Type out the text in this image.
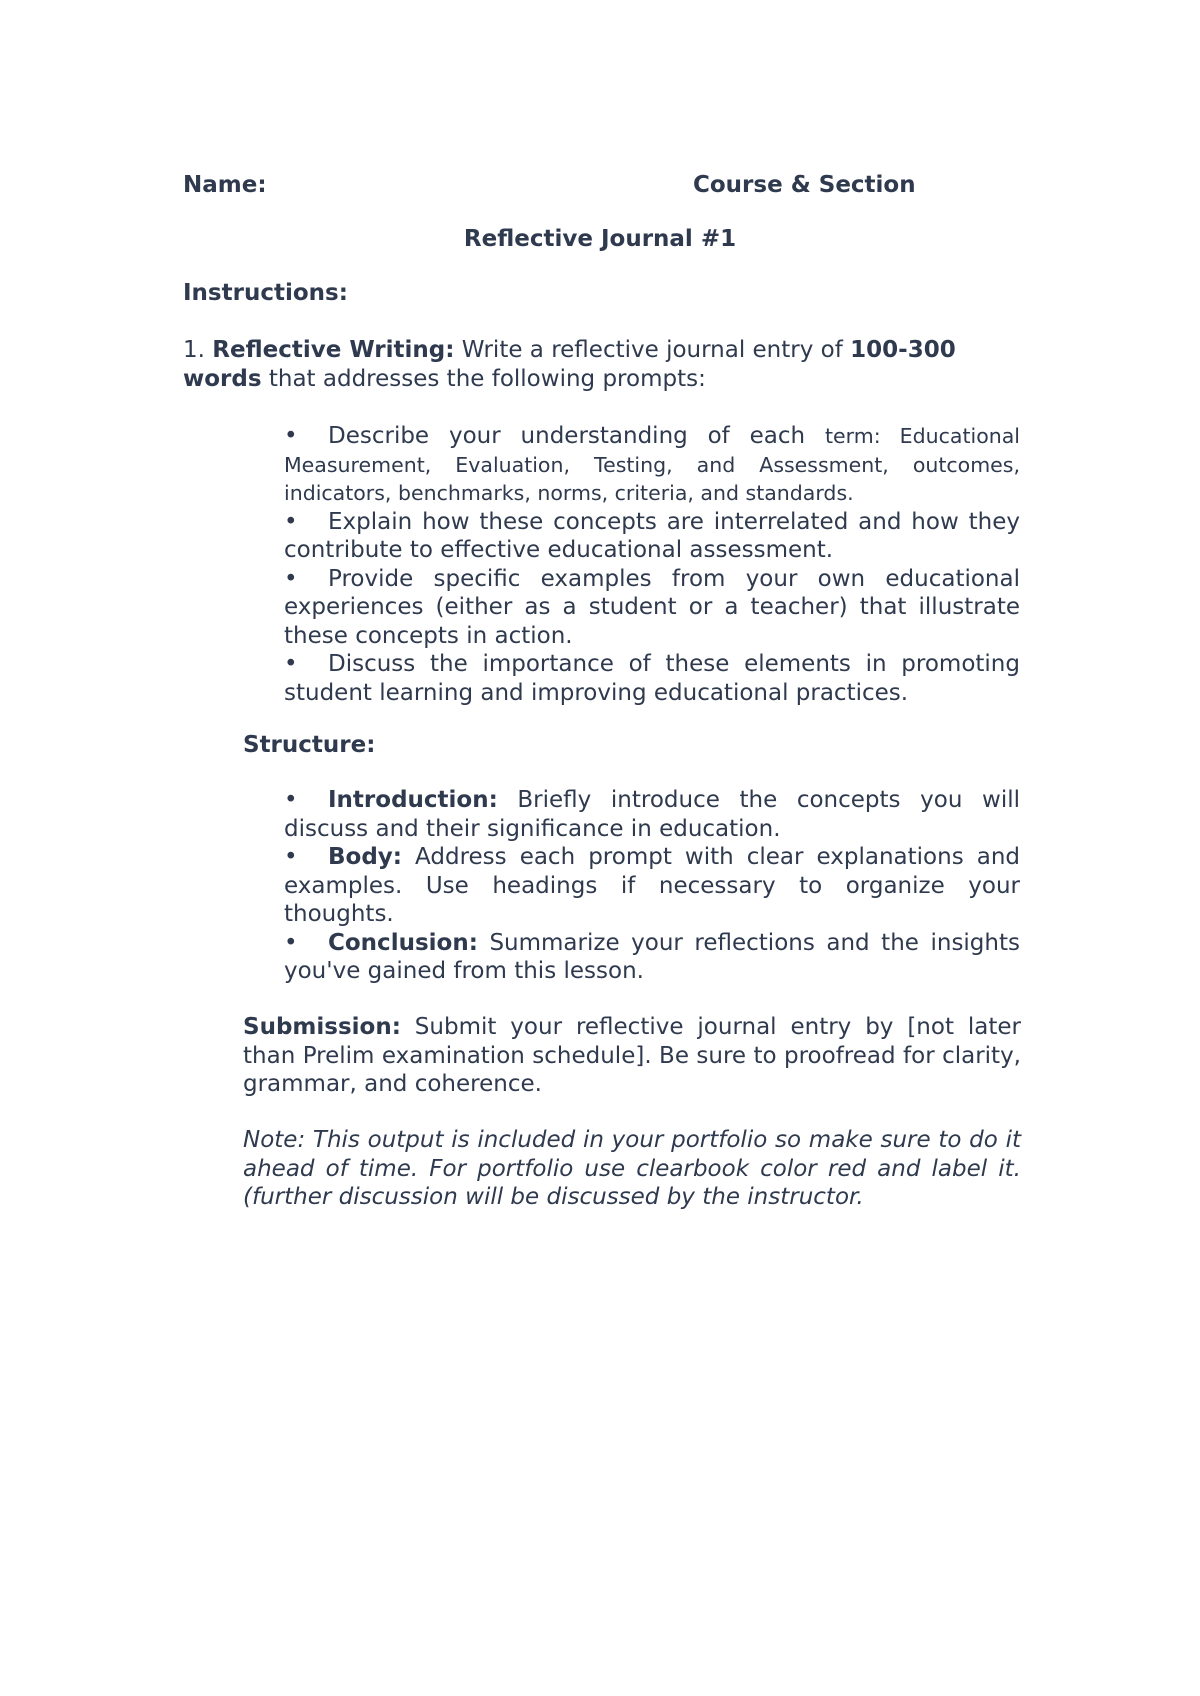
Name:	Course & Section
Reflective Journal #1
Instructions:
1. Reflective Writing: Write a reflective journal entry of 100-300 words that addresses the following prompts:
• Describe your understanding of each term: Educational Measurement, Evaluation, Testing, and Assessment, outcomes, indicators, benchmarks, norms, criteria, and standards.
• Explain how these concepts are interrelated and how they contribute to effective educational assessment.
• Provide specific examples from your own educational experiences (either as a student or a teacher) that illustrate these concepts in action.
• Discuss the importance of these elements in promoting student learning and improving educational practices.
Structure:
• Introduction: Briefly introduce the concepts you will discuss and their significance in education.
• Body: Address each prompt with clear explanations and examples. Use headings if necessary to organize your thoughts.
• Conclusion: Summarize your reflections and the insights you've gained from this lesson.
Submission: Submit your reflective journal entry by [not later than Prelim examination schedule]. Be sure to proofread for clarity, grammar, and coherence.
Note: This output is included in your portfolio so make sure to do it ahead of time. For portfolio use clearbook color red and label it. (further discussion will be discussed by the instructor.
